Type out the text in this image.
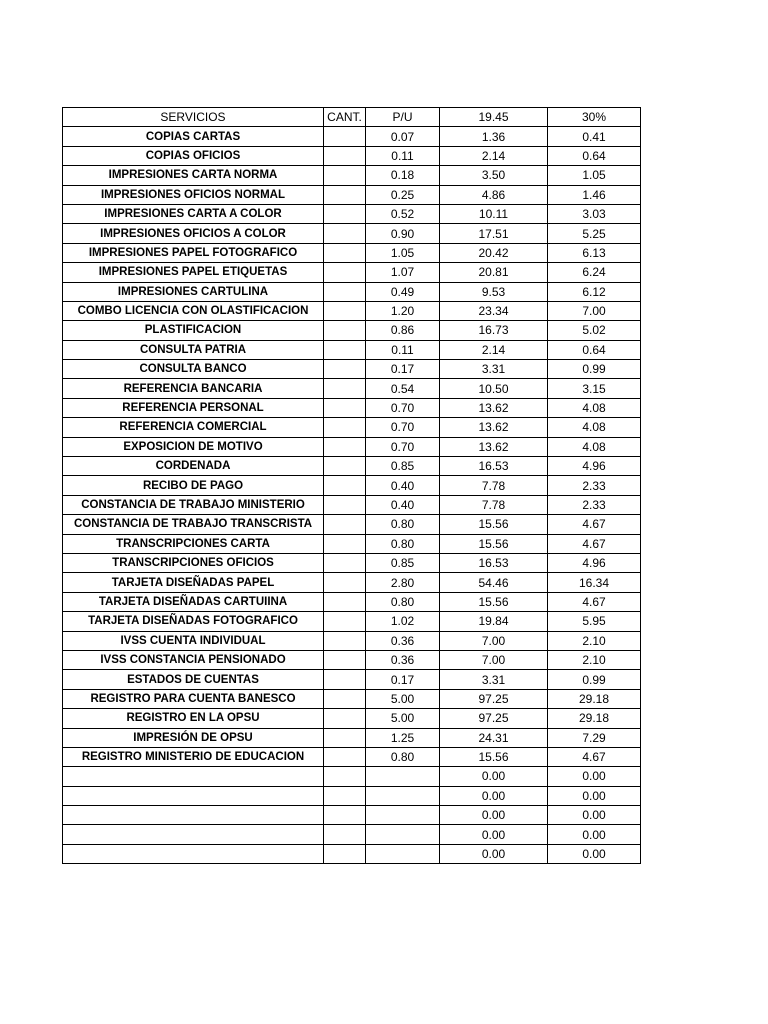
SERVICIOS	CANT.	P/U	19.45	30%
COPIAS CARTAS		0.07	1.36	0.41
COPIAS OFICIOS		0.11	2.14	0.64
IMPRESIONES CARTA NORMA		0.18	3.50	1.05
IMPRESIONES OFICIOS NORMAL		0.25	4.86	1.46
IMPRESIONES CARTA A COLOR		0.52	10.11	3.03
IMPRESIONES OFICIOS A COLOR		0.90	17.51	5.25
IMPRESIONES PAPEL FOTOGRAFICO		1.05	20.42	6.13
IMPRESIONES PAPEL ETIQUETAS		1.07	20.81	6.24
IMPRESIONES CARTULINA		0.49	9.53	6.12
COMBO LICENCIA CON OLASTIFICACION		1.20	23.34	7.00
PLASTIFICACION		0.86	16.73	5.02
CONSULTA PATRIA		0.11	2.14	0.64
CONSULTA BANCO		0.17	3.31	0.99
REFERENCIA BANCARIA		0.54	10.50	3.15
REFERENCIA PERSONAL		0.70	13.62	4.08
REFERENCIA COMERCIAL		0.70	13.62	4.08
EXPOSICION DE MOTIVO		0.70	13.62	4.08
CORDENADA		0.85	16.53	4.96
RECIBO DE PAGO		0.40	7.78	2.33
CONSTANCIA DE TRABAJO MINISTERIO		0.40	7.78	2.33
CONSTANCIA DE TRABAJO TRANSCRISTA		0.80	15.56	4.67
TRANSCRIPCIONES CARTA		0.80	15.56	4.67
TRANSCRIPCIONES OFICIOS		0.85	16.53	4.96
TARJETA DISEÑADAS PAPEL		2.80	54.46	16.34
TARJETA DISEÑADAS CARTUIINA		0.80	15.56	4.67
TARJETA DISEÑADAS FOTOGRAFICO		1.02	19.84	5.95
IVSS CUENTA INDIVIDUAL		0.36	7.00	2.10
IVSS CONSTANCIA PENSIONADO		0.36	7.00	2.10
ESTADOS DE CUENTAS		0.17	3.31	0.99
REGISTRO PARA CUENTA BANESCO		5.00	97.25	29.18
REGISTRO EN LA OPSU		5.00	97.25	29.18
IMPRESIÓN DE OPSU		1.25	24.31	7.29
REGISTRO MINISTERIO DE EDUCACION		0.80	15.56	4.67
			0.00	0.00
			0.00	0.00
			0.00	0.00
			0.00	0.00
			0.00	0.00
